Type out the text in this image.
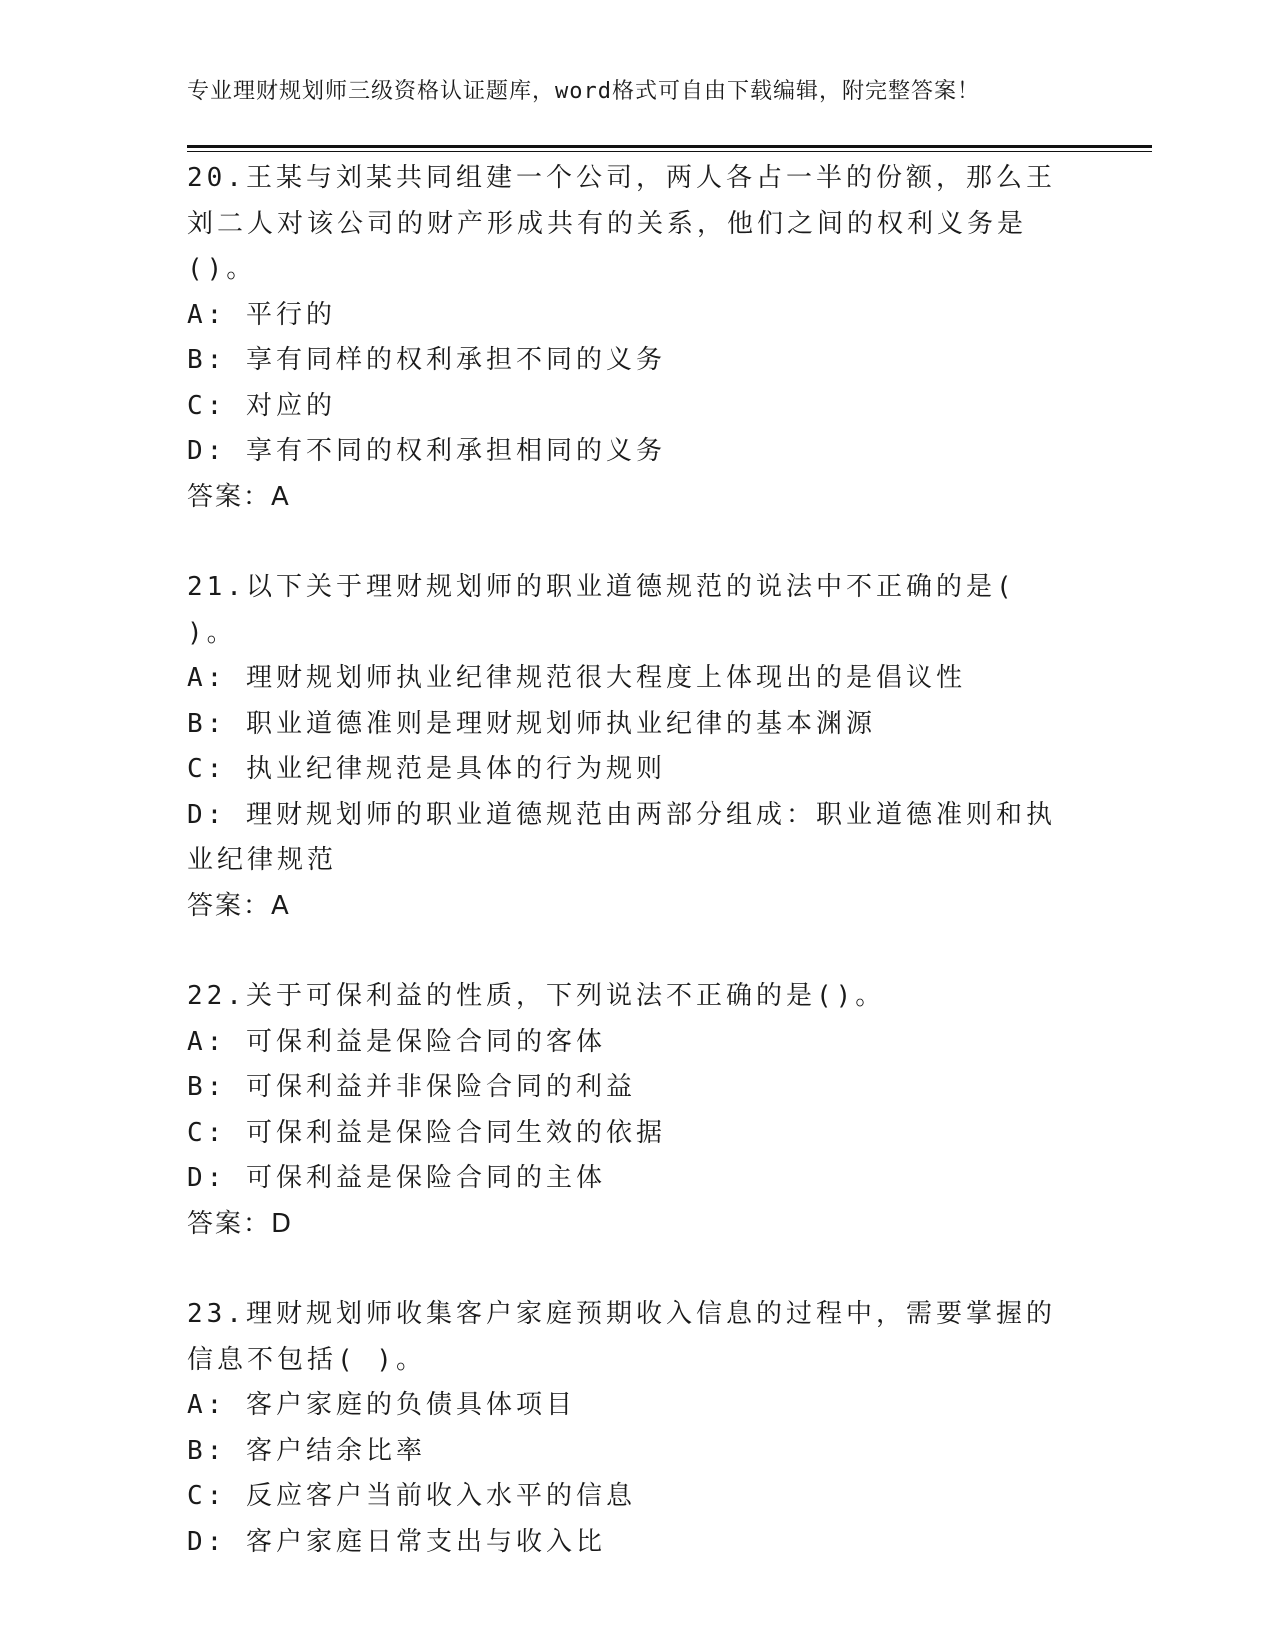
专业理财规划师三级资格认证题库，word格式可自由下载编辑，附完整答案！

20.王某与刘某共同组建一个公司，两人各占一半的份额，那么王刘二人对该公司的财产形成共有的关系，他们之间的权利义务是()。

A: 平行的

B: 享有同样的权利承担不同的义务

C: 对应的

D: 享有不同的权利承担相同的义务

答案：A

21.以下关于理财规划师的职业道德规范的说法中不正确的是( )。

A: 理财规划师执业纪律规范很大程度上体现出的是倡议性

B: 职业道德准则是理财规划师执业纪律的基本渊源

C: 执业纪律规范是具体的行为规则

D: 理财规划师的职业道德规范由两部分组成：职业道德准则和执业纪律规范

答案：A

22.关于可保利益的性质，下列说法不正确的是()。

A: 可保利益是保险合同的客体

B: 可保利益并非保险合同的利益

C: 可保利益是保险合同生效的依据

D: 可保利益是保险合同的主体

答案：D

23.理财规划师收集客户家庭预期收入信息的过程中，需要掌握的信息不包括( )。

A: 客户家庭的负债具体项目

B: 客户结余比率

C: 反应客户当前收入水平的信息

D: 客户家庭日常支出与收入比
